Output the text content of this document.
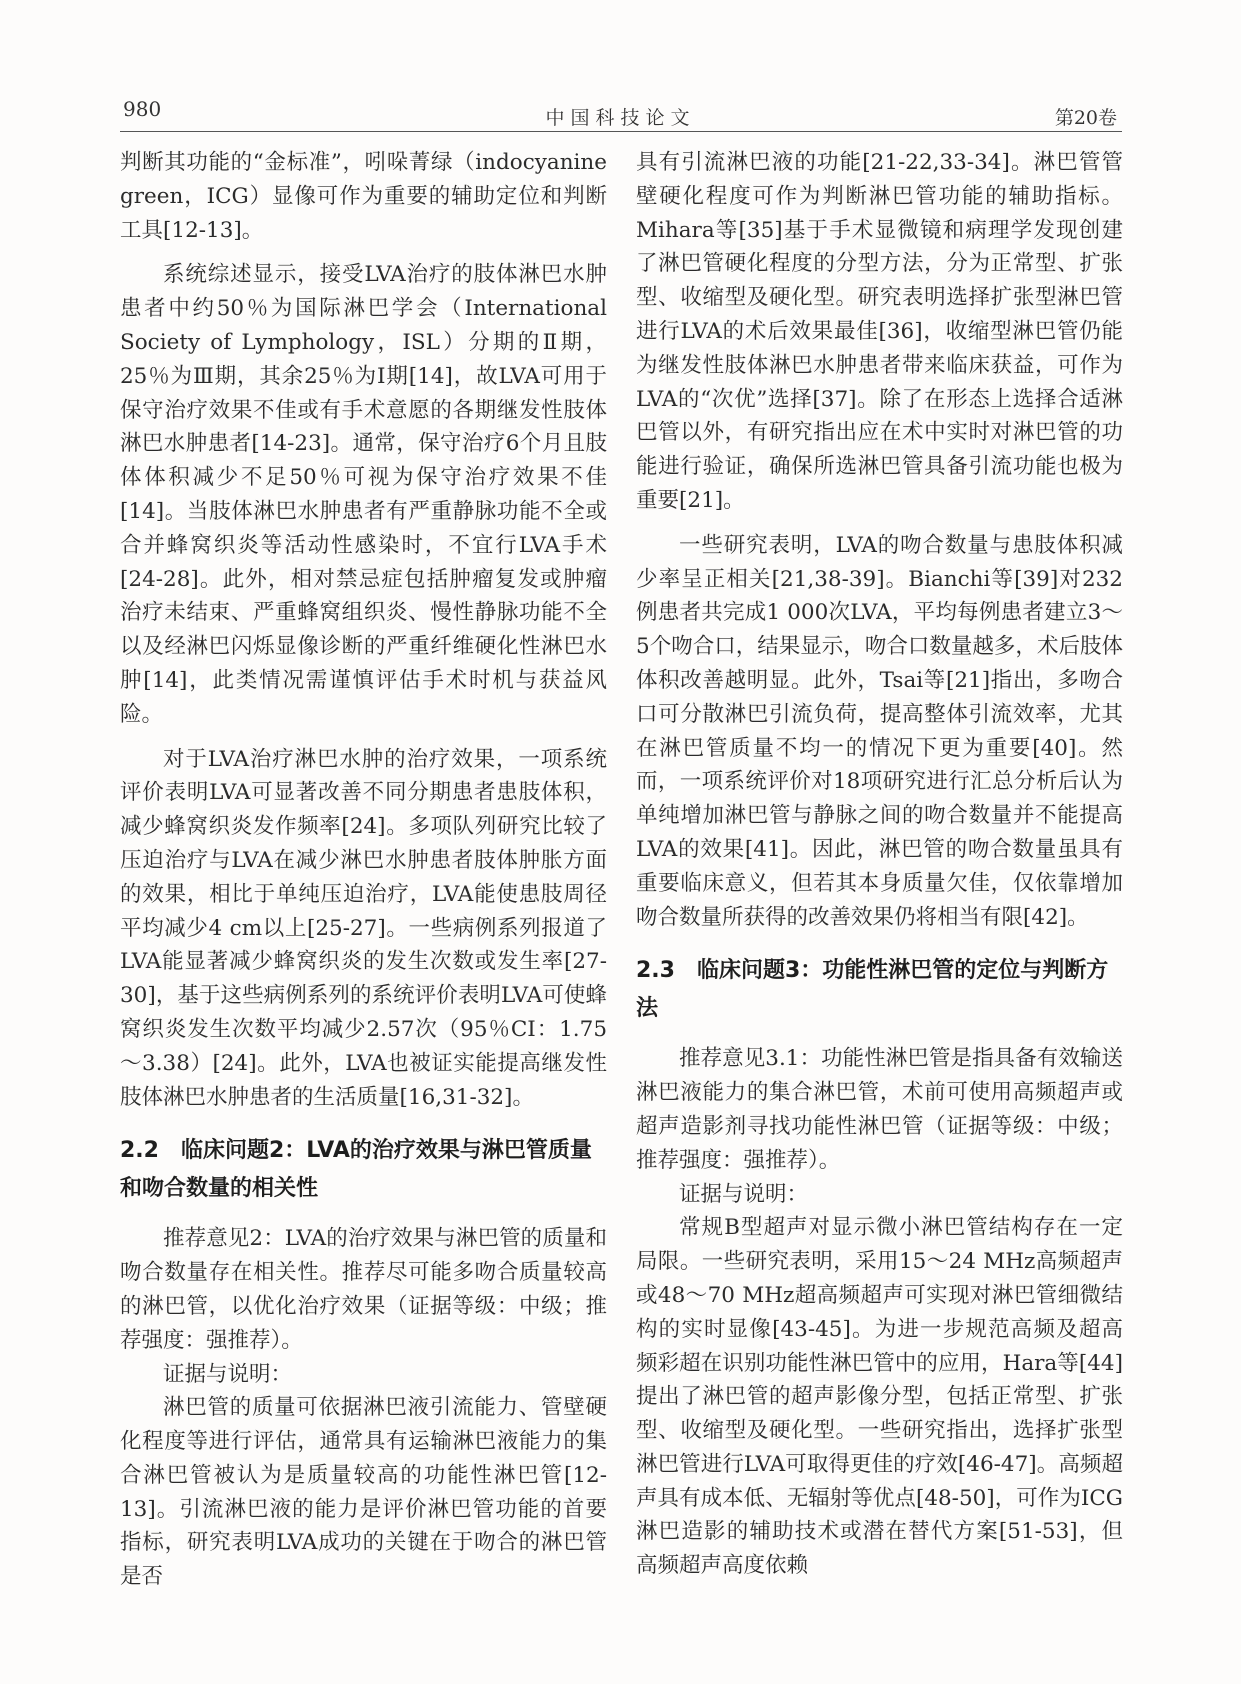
980	中国科技论文	第20卷

判断其功能的“金标准”，吲哚菁绿（indocyanine green，ICG）显像可作为重要的辅助定位和判断工具[12-13]。

系统综述显示，接受LVA治疗的肢体淋巴水肿患者中约50％为国际淋巴学会（International Society of Lymphology，ISL）分期的Ⅱ期，25％为Ⅲ期，其余25％为Ⅰ期[14]，故LVA可用于保守治疗效果不佳或有手术意愿的各期继发性肢体淋巴水肿患者[14-23]。通常，保守治疗6个月且肢体体积减少不足50％可视为保守治疗效果不佳[14]。当肢体淋巴水肿患者有严重静脉功能不全或合并蜂窝织炎等活动性感染时，不宜行LVA手术[24-28]。此外，相对禁忌症包括肿瘤复发或肿瘤治疗未结束、严重蜂窝组织炎、慢性静脉功能不全以及经淋巴闪烁显像诊断的严重纤维硬化性淋巴水肿[14]，此类情况需谨慎评估手术时机与获益风险。

对于LVA治疗淋巴水肿的治疗效果，一项系统评价表明LVA可显著改善不同分期患者患肢体积，减少蜂窝织炎发作频率[24]。多项队列研究比较了压迫治疗与LVA在减少淋巴水肿患者肢体肿胀方面的效果，相比于单纯压迫治疗，LVA能使患肢周径平均减少4 cm以上[25-27]。一些病例系列报道了LVA能显著减少蜂窝织炎的发生次数或发生率[27-30]，基于这些病例系列的系统评价表明LVA可使蜂窝织炎发生次数平均减少2.57次（95％CI：1.75～3.38）[24]。此外，LVA也被证实能提高继发性肢体淋巴水肿患者的生活质量[16,31-32]。

2.2 临床问题2：LVA的治疗效果与淋巴管质量和吻合数量的相关性

推荐意见2：LVA的治疗效果与淋巴管的质量和吻合数量存在相关性。推荐尽可能多吻合质量较高的淋巴管，以优化治疗效果（证据等级：中级；推荐强度：强推荐）。

证据与说明：

淋巴管的质量可依据淋巴液引流能力、管壁硬化程度等进行评估，通常具有运输淋巴液能力的集合淋巴管被认为是质量较高的功能性淋巴管[12-13]。引流淋巴液的能力是评价淋巴管功能的首要指标，研究表明LVA成功的关键在于吻合的淋巴管是否

具有引流淋巴液的功能[21-22,33-34]。淋巴管管壁硬化程度可作为判断淋巴管功能的辅助指标。Mihara等[35]基于手术显微镜和病理学发现创建了淋巴管硬化程度的分型方法，分为正常型、扩张型、收缩型及硬化型。研究表明选择扩张型淋巴管进行LVA的术后效果最佳[36]，收缩型淋巴管仍能为继发性肢体淋巴水肿患者带来临床获益，可作为LVA的“次优”选择[37]。除了在形态上选择合适淋巴管以外，有研究指出应在术中实时对淋巴管的功能进行验证，确保所选淋巴管具备引流功能也极为重要[21]。

一些研究表明，LVA的吻合数量与患肢体积减少率呈正相关[21,38-39]。Bianchi等[39]对232例患者共完成1 000次LVA，平均每例患者建立3～5个吻合口，结果显示，吻合口数量越多，术后肢体体积改善越明显。此外，Tsai等[21]指出，多吻合口可分散淋巴引流负荷，提高整体引流效率，尤其在淋巴管质量不均一的情况下更为重要[40]。然而，一项系统评价对18项研究进行汇总分析后认为单纯增加淋巴管与静脉之间的吻合数量并不能提高LVA的效果[41]。因此，淋巴管的吻合数量虽具有重要临床意义，但若其本身质量欠佳，仅依靠增加吻合数量所获得的改善效果仍将相当有限[42]。

2.3 临床问题3：功能性淋巴管的定位与判断方法

推荐意见3.1：功能性淋巴管是指具备有效输送淋巴液能力的集合淋巴管，术前可使用高频超声或超声造影剂寻找功能性淋巴管（证据等级：中级；推荐强度：强推荐）。

证据与说明：

常规B型超声对显示微小淋巴管结构存在一定局限。一些研究表明，采用15～24 MHz高频超声或48～70 MHz超高频超声可实现对淋巴管细微结构的实时显像[43-45]。为进一步规范高频及超高频彩超在识别功能性淋巴管中的应用，Hara等[44]提出了淋巴管的超声影像分型，包括正常型、扩张型、收缩型及硬化型。一些研究指出，选择扩张型淋巴管进行LVA可取得更佳的疗效[46-47]。高频超声具有成本低、无辐射等优点[48-50]，可作为ICG淋巴造影的辅助技术或潜在替代方案[51-53]，但高频超声高度依赖
